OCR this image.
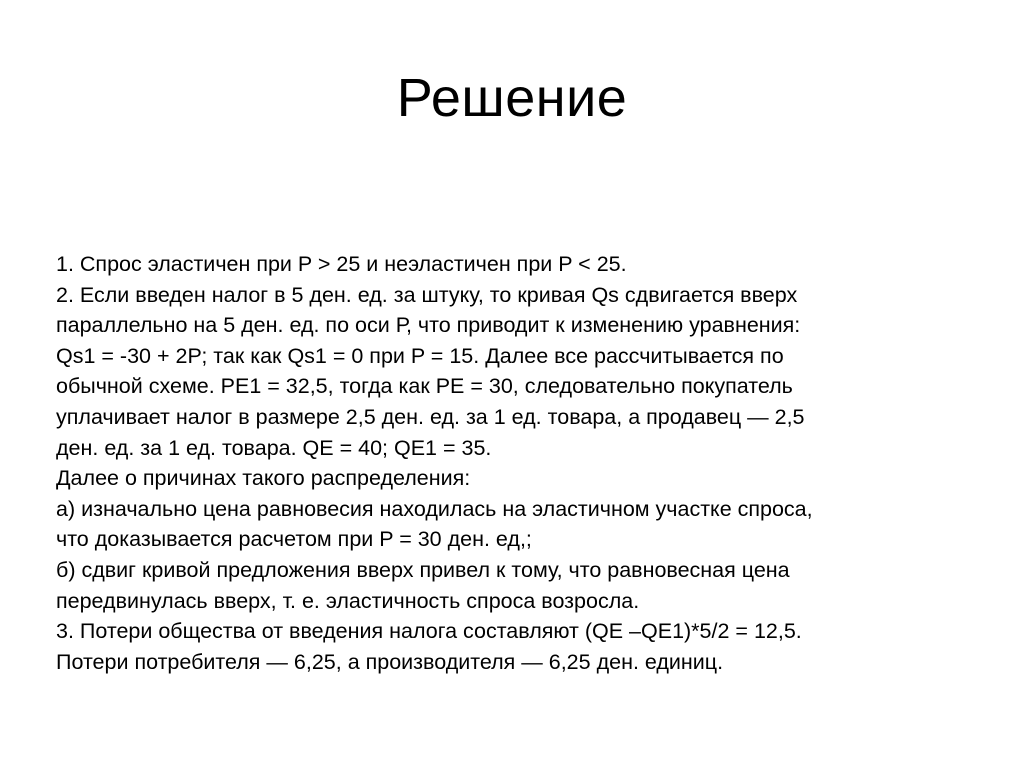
Решение
1. Спрос эластичен при P > 25 и неэластичен при P < 25.
2. Если введен налог в 5 ден. ед. за штуку, то кривая Qs сдвигается вверх
параллельно на 5 ден. ед. по оси Р, что приводит к изменению уравнения:
Qs1 = -30 + 2Р; так как Qs1 = 0 при P = 15. Далее все рассчитывается по
обычной схеме. PE1 = 32,5, тогда как PE = 30, следовательно покупатель
уплачивает налог в размере 2,5 ден. ед. за 1 ед. товара, а продавец — 2,5
ден. ед. за 1 ед. товара. QE = 40; QE1 = 35.
Далее о причинах такого распределения:
а) изначально цена равновесия находилась на эластичном участке спроса,
что доказывается расчетом при P = 30 ден. ед,;
б) сдвиг кривой предложения вверх привел к тому, что равновесная цена
передвинулась вверх, т. е. эластичность спроса возросла.
3. Потери общества от введения налога составляют (QE –QE1)*5/2 = 12,5.
Потери потребителя — 6,25, а производителя — 6,25 ден. единиц.
